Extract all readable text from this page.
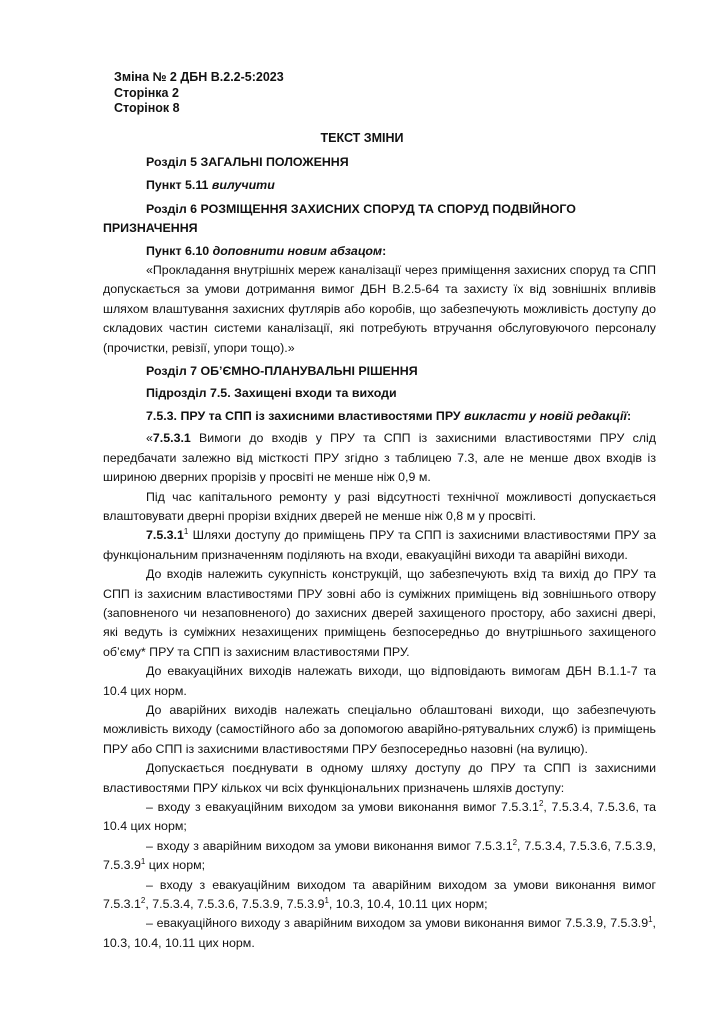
Зміна № 2 ДБН В.2.2-5:2023
Сторінка 2
Сторінок 8
ТЕКСТ ЗМІНИ

Розділ 5 ЗАГАЛЬНІ ПОЛОЖЕННЯ

Пункт 5.11 вилучити

Розділ 6 РОЗМІЩЕННЯ ЗАХИСНИХ СПОРУД ТА СПОРУД ПОДВІЙНОГО ПРИЗНАЧЕННЯ

Пункт 6.10 доповнити новим абзацом:

«Прокладання внутрішніх мереж каналізації через приміщення захисних споруд та СПП допускається за умови дотримання вимог ДБН В.2.5-64 та захисту їх від зовнішніх впливів шляхом влаштування захисних футлярів або коробів, що забезпечують можливість доступу до складових частин системи каналізації, які потребують втручання обслуговуючого персоналу (прочистки, ревізії, упори тощо).»

Розділ 7 ОБ’ЄМНО-ПЛАНУВАЛЬНІ РІШЕННЯ

Підрозділ 7.5. Захищені входи та виходи

7.5.3. ПРУ та СПП із захисними властивостями ПРУ викласти у новій редакції:

«7.5.3.1 Вимоги до входів у ПРУ та СПП із захисними властивостями ПРУ слід передбачати залежно від місткості ПРУ згідно з таблицею 7.3, але не менше двох входів із шириною дверних прорізів у просвіті не менше ніж 0,9 м.

Під час капітального ремонту у разі відсутності технічної можливості допускається влаштовувати дверні прорізи вхідних дверей не менше ніж 0,8 м у просвіті.

7.5.3.1$^1$ Шляхи доступу до приміщень ПРУ та СПП із захисними властивостями ПРУ за функціональним призначенням поділяють на входи, евакуаційні виходи та аварійні виходи.

До входів належить сукупність конструкцій, що забезпечують вхід та вихід до ПРУ та СПП із захисним властивостями ПРУ зовні або із суміжних приміщень від зовнішнього отвору (заповненого чи незаповненого) до захисних дверей захищеного простору, або захисні двері, які ведуть із суміжних незахищених приміщень безпосередньо до внутрішнього захищеного об’єму* ПРУ та СПП із захисним властивостями ПРУ.

До евакуаційних виходів належать виходи, що відповідають вимогам ДБН В.1.1-7 та 10.4 цих норм.

До аварійних виходів належать спеціально облаштовані виходи, що забезпечують можливість виходу (самостійного або за допомогою аварійно-рятувальних служб) із приміщень ПРУ або СПП із захисними властивостями ПРУ безпосередньо назовні (на вулицю).

Допускається поєднувати в одному шляху доступу до ПРУ та СПП із захисними властивостями ПРУ кількох чи всіх функціональних призначень шляхів доступу:

– входу з евакуаційним виходом за умови виконання вимог 7.5.3.1$^2$, 7.5.3.4, 7.5.3.6, та 10.4 цих норм;

– входу з аварійним виходом за умови виконання вимог 7.5.3.1$^2$, 7.5.3.4, 7.5.3.6, 7.5.3.9, 7.5.3.9$^1$ цих норм;

– входу з евакуаційним виходом та аварійним виходом за умови виконання вимог 7.5.3.1$^2$, 7.5.3.4, 7.5.3.6, 7.5.3.9, 7.5.3.9$^1$, 10.3, 10.4, 10.11 цих норм;

– евакуаційного виходу з аварійним виходом за умови виконання вимог 7.5.3.9, 7.5.3.9$^1$, 10.3, 10.4, 10.11 цих норм.
